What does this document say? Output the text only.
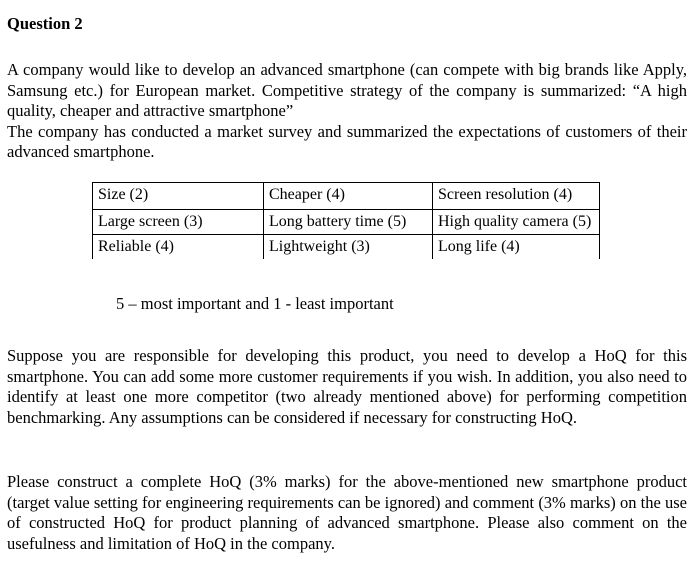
Question 2

A company would like to develop an advanced smartphone (can compete with big brands like Apply, Samsung etc.) for European market. Competitive strategy of the company is summarized: “A high quality, cheaper and attractive smartphone”

The company has conducted a market survey and summarized the expectations of customers of their advanced smartphone.

Size (2)	Cheaper (4)	Screen resolution (4)
Large screen (3)	Long battery time (5)	High quality camera (5)
Reliable (4)	Lightweight (3)	Long life (4)
5 – most important and 1 - least important

Suppose you are responsible for developing this product, you need to develop a HoQ for this smartphone. You can add some more customer requirements if you wish. In addition, you also need to identify at least one more competitor (two already mentioned above) for performing competition benchmarking. Any assumptions can be considered if necessary for constructing HoQ.

Please construct a complete HoQ (3% marks) for the above-mentioned new smartphone product (target value setting for engineering requirements can be ignored) and comment (3% marks) on the use of constructed HoQ for product planning of advanced smartphone. Please also comment on the usefulness and limitation of HoQ in the company.
